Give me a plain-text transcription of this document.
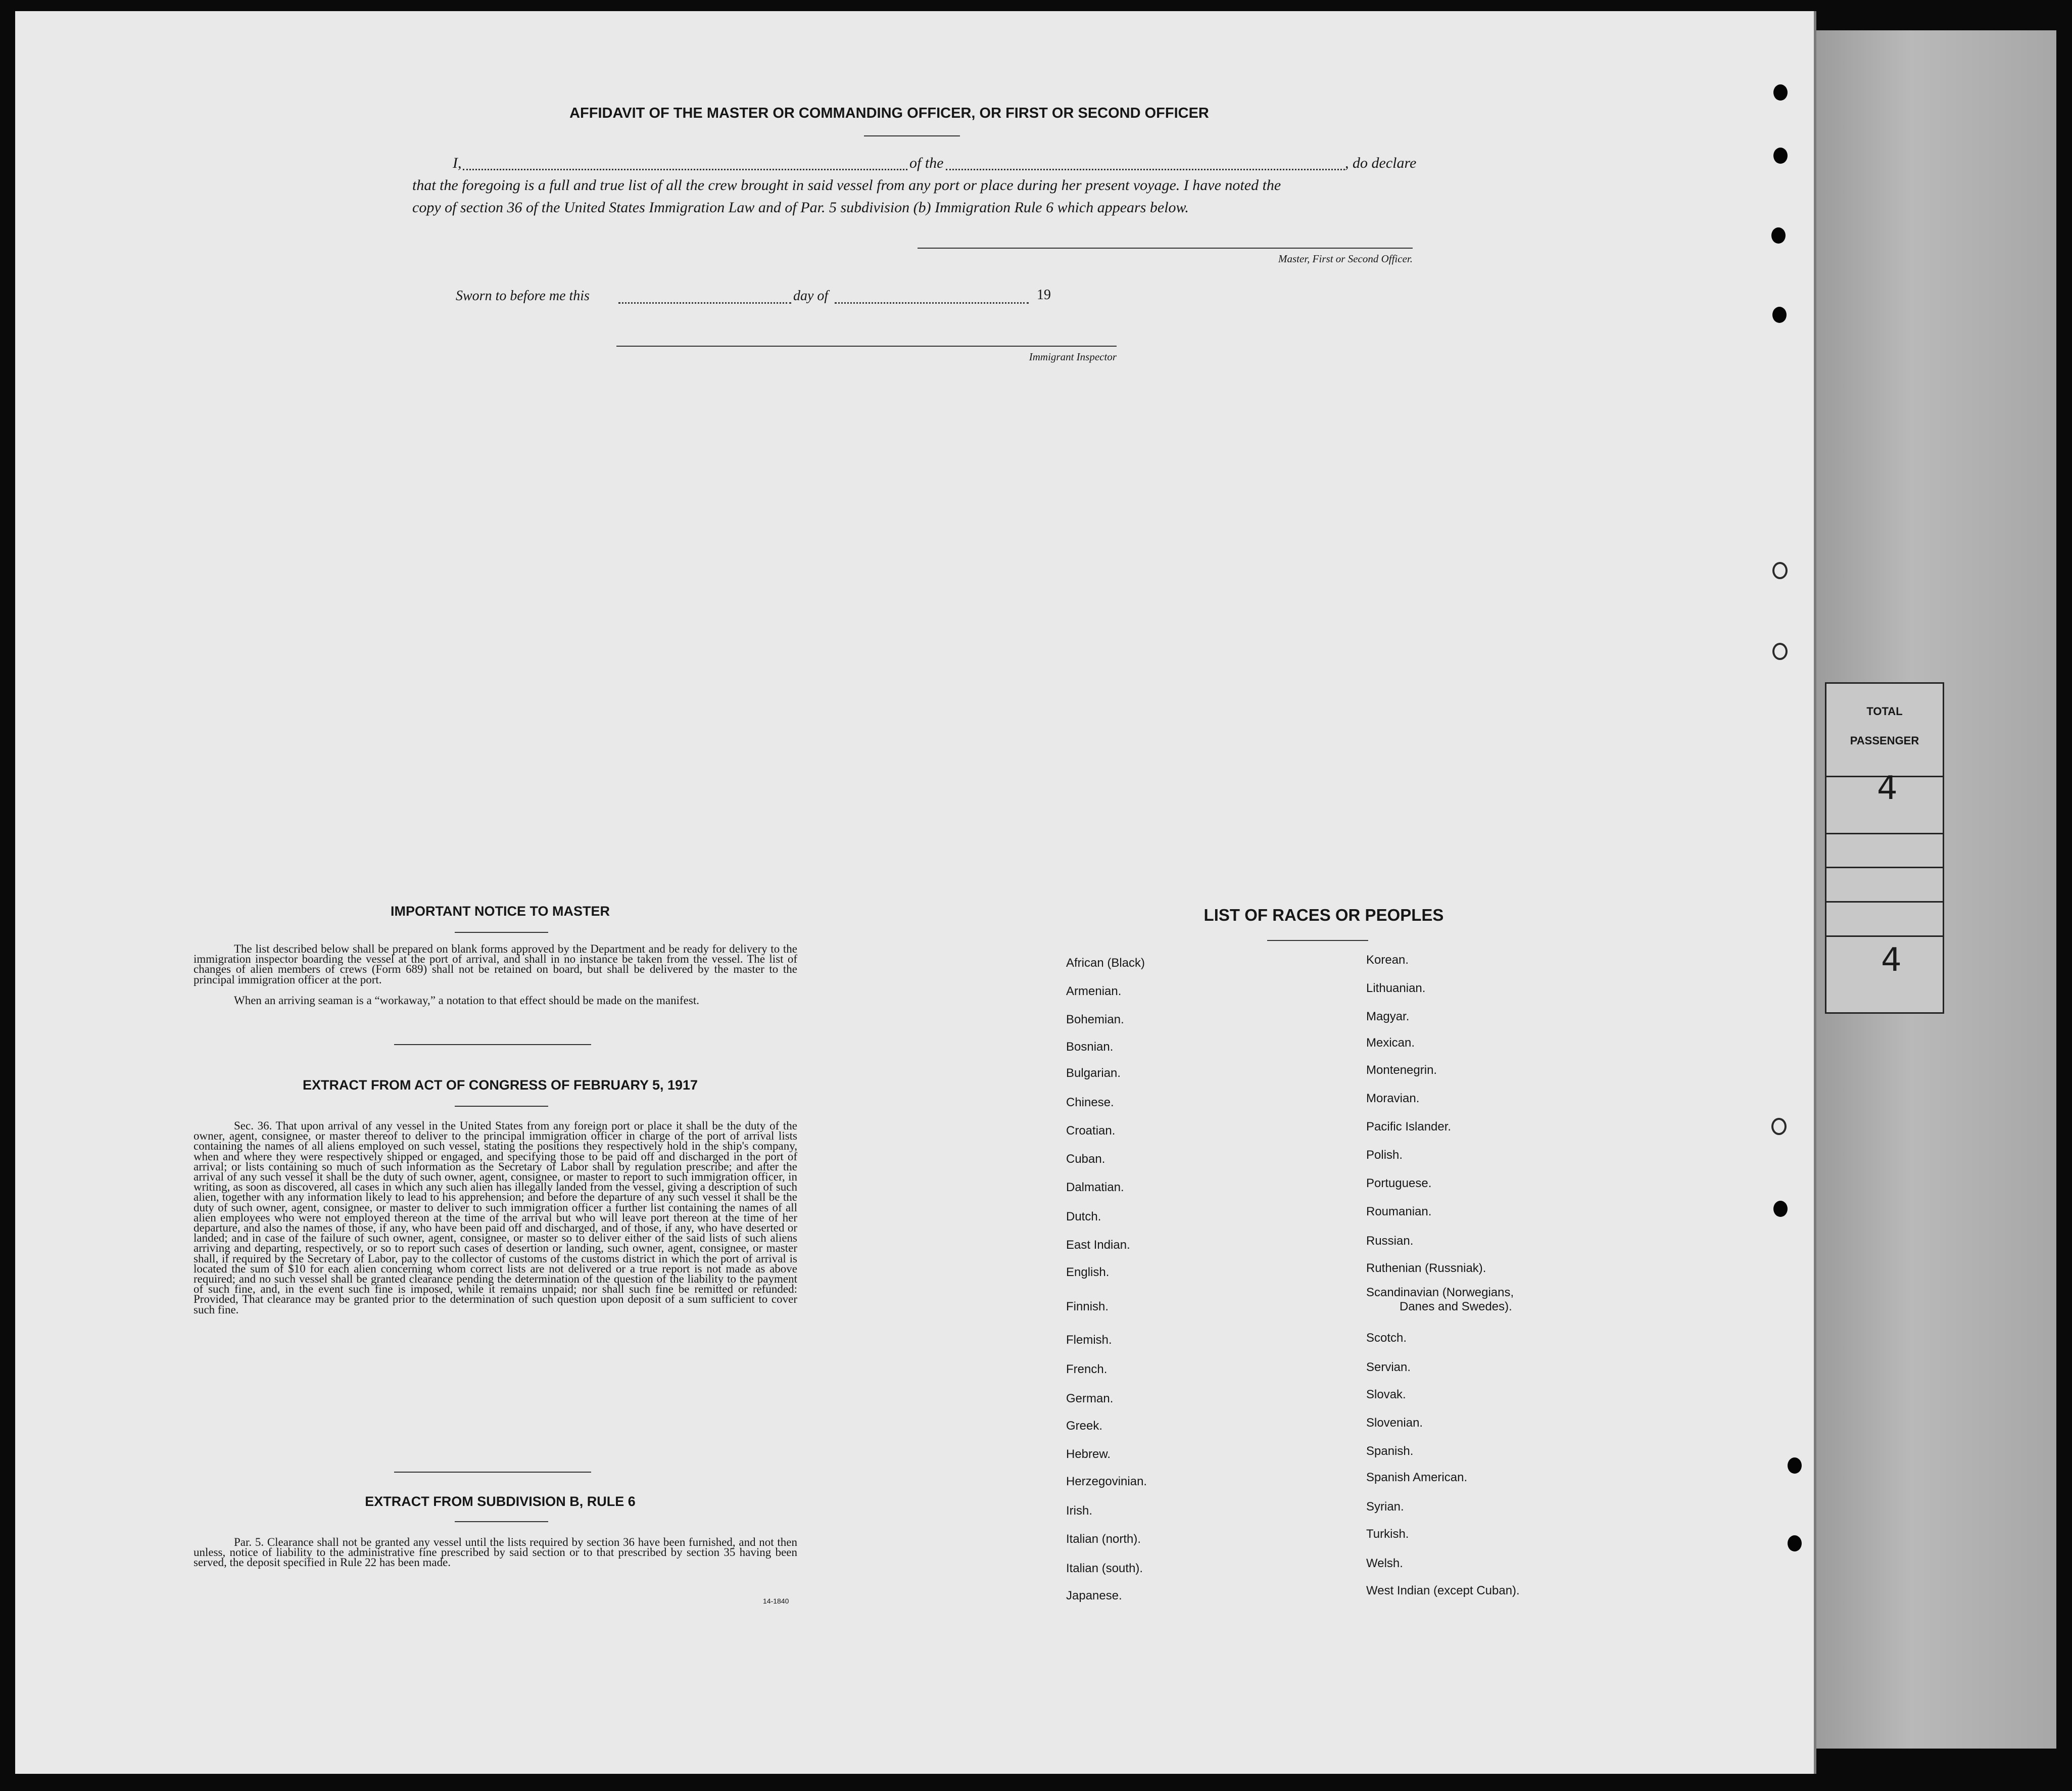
AFFIDAVIT OF THE MASTER OR COMMANDING OFFICER, OR FIRST OR SECOND OFFICER
I,	of the	, do declare
that the foregoing is a full and true list of all the crew brought in said vessel from any port or place during her present voyage. I have noted the
copy of section 36 of the United States Immigration Law and of Par. 5 subdivision (b) Immigration Rule 6 which appears below.
Master, First or Second Officer.
Sworn to before me this	day of	19
Immigrant Inspector
IMPORTANT NOTICE TO MASTER
The list described below shall be prepared on blank forms approved by the Department and be ready for delivery to the immigration inspector boarding the vessel at the port of arrival, and shall in no instance be taken from the vessel. The list of changes of alien members of crews (Form 689) shall not be retained on board, but shall be delivered by the master to the principal immigration officer at the port.
When an arriving seaman is a “workaway,” a notation to that effect should be made on the manifest.
EXTRACT FROM ACT OF CONGRESS OF FEBRUARY 5, 1917
Sec. 36. That upon arrival of any vessel in the United States from any foreign port or place it shall be the duty of the owner, agent, consignee, or master thereof to deliver to the principal immigration officer in charge of the port of arrival lists containing the names of all aliens employed on such vessel, stating the positions they respectively hold in the ship's company, when and where they were respectively shipped or engaged, and specifying those to be paid off and discharged in the port of arrival; or lists containing so much of such information as the Secretary of Labor shall by regulation prescribe; and after the arrival of any such vessel it shall be the duty of such owner, agent, consignee, or master to report to such immigration officer, in writing, as soon as discovered, all cases in which any such alien has illegally landed from the vessel, giving a description of such alien, together with any information likely to lead to his apprehension; and before the departure of any such vessel it shall be the duty of such owner, agent, consignee, or master to deliver to such immigration officer a further list containing the names of all alien employees who were not employed thereon at the time of the arrival but who will leave port thereon at the time of her departure, and also the names of those, if any, who have been paid off and discharged, and of those, if any, who have deserted or landed; and in case of the failure of such owner, agent, consignee, or master so to deliver either of the said lists of such aliens arriving and departing, respectively, or so to report such cases of desertion or landing, such owner, agent, consignee, or master shall, if required by the Secretary of Labor, pay to the collector of customs of the customs district in which the port of arrival is located the sum of $10 for each alien concerning whom correct lists are not delivered or a true report is not made as above required; and no such vessel shall be granted clearance pending the determination of the question of the liability to the payment of such fine, and, in the event such fine is imposed, while it remains unpaid; nor shall such fine be remitted or refunded: Provided, That clearance may be granted prior to the determination of such question upon deposit of a sum sufficient to cover such fine.
EXTRACT FROM SUBDIVISION B, RULE 6
Par. 5. Clearance shall not be granted any vessel until the lists required by section 36 have been furnished, and not then unless, notice of liability to the administrative fine prescribed by said section or to that prescribed by section 35 having been served, the deposit specified in Rule 22 has been made.
14-1840
LIST OF RACES OR PEOPLES
African (Black)
Armenian.
Bohemian.
Bosnian.
Bulgarian.
Chinese.
Croatian.
Cuban.
Dalmatian.
Dutch.
East Indian.
English.
Finnish.
Flemish.
French.
German.
Greek.
Hebrew.
Herzegovinian.
Irish.
Italian (north).
Italian (south).
Japanese.
Korean.
Lithuanian.
Magyar.
Mexican.
Montenegrin.
Moravian.
Pacific Islander.
Polish.
Portuguese.
Roumanian.
Russian.
Ruthenian (Russniak).
Scandinavian (Norwegians,
Danes and Swedes).
Scotch.
Servian.
Slovak.
Slovenian.
Spanish.
Spanish American.
Syrian.
Turkish.
Welsh.
West Indian (except Cuban).
TOTAL
PASSENGER
4
4
